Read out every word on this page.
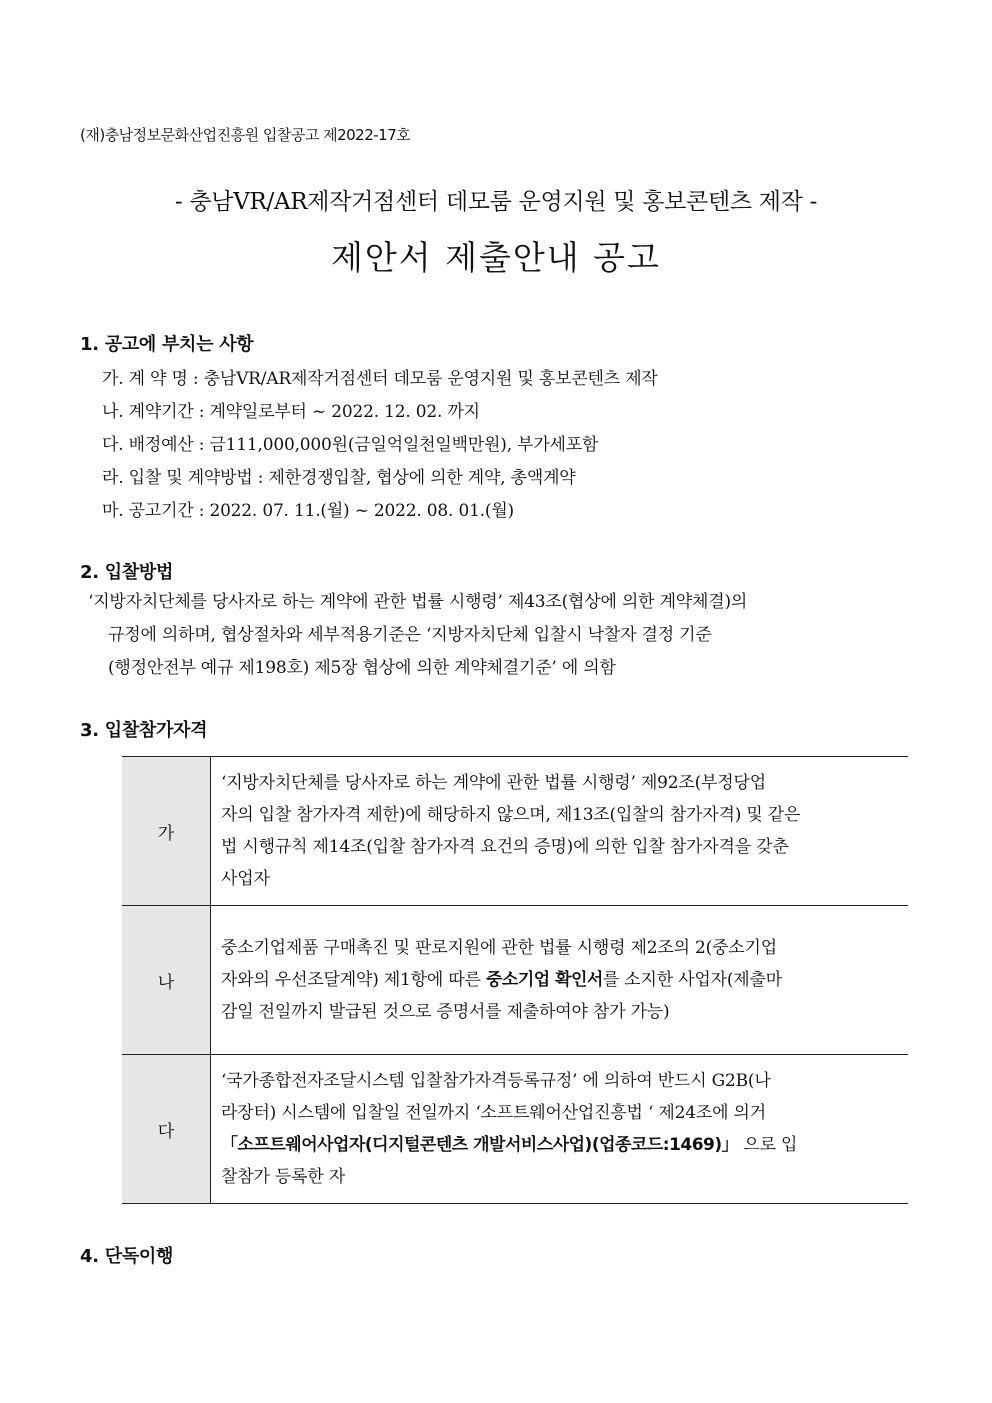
(재)충남정보문화산업진흥원 입찰공고 제2022-17호
- 충남VR/AR제작거점센터 데모룸 운영지원 및 홍보콘텐츠 제작 -
제안서 제출안내 공고
1. 공고에 부치는 사항
가. 계 약 명 : 충남VR/AR제작거점센터 데모룸 운영지원 및 홍보콘텐츠 제작
나. 계약기간 : 계약일로부터 ~ 2022. 12. 02. 까지
다. 배정예산 : 금111,000,000원(금일억일천일백만원), 부가세포함
라. 입찰 및 계약방법 : 제한경쟁입찰, 협상에 의한 계약, 총액계약
마. 공고기간 : 2022. 07. 11.(월) ~ 2022. 08. 01.(월)
2. 입찰방법
‘지방자치단체를 당사자로 하는 계약에 관한 법률 시행령’ 제43조(협상에 의한 계약체결)의
규정에 의하며, 협상절차와 세부적용기준은 ‘지방자치단체 입찰시 낙찰자 결정 기준
(행정안전부 예규 제198호) 제5장 협상에 의한 계약체결기준’ 에 의함
3. 입찰참가자격
가	‘지방자치단체를 당사자로 하는 계약에 관한 법률 시행령’ 제92조(부정당업
자의 입찰 참가자격 제한)에 해당하지 않으며, 제13조(입찰의 참가자격) 및 같은
법 시행규칙 제14조(입찰 참가자격 요건의 증명)에 의한 입찰 참가자격을 갖춘
사업자

나	중소기업제품 구매촉진 및 판로지원에 관한 법률 시행령 제2조의 2(중소기업
자와의 우선조달계약) 제1항에 따른 중소기업 확인서를 소지한 사업자(제출마
감일 전일까지 발급된 것으로 증명서를 제출하여야 참가 가능)

다	‘국가종합전자조달시스템 입찰참가자격등록규정’ 에 의하여 반드시 G2B(나
라장터) 시스템에 입찰일 전일까지 ‘소프트웨어산업진흥법 ‘ 제24조에 의거
「소프트웨어사업자(디지털콘텐츠 개발서비스사업)(업종코드:1469)」 으로 입
찰참가 등록한 자
4. 단독이행
